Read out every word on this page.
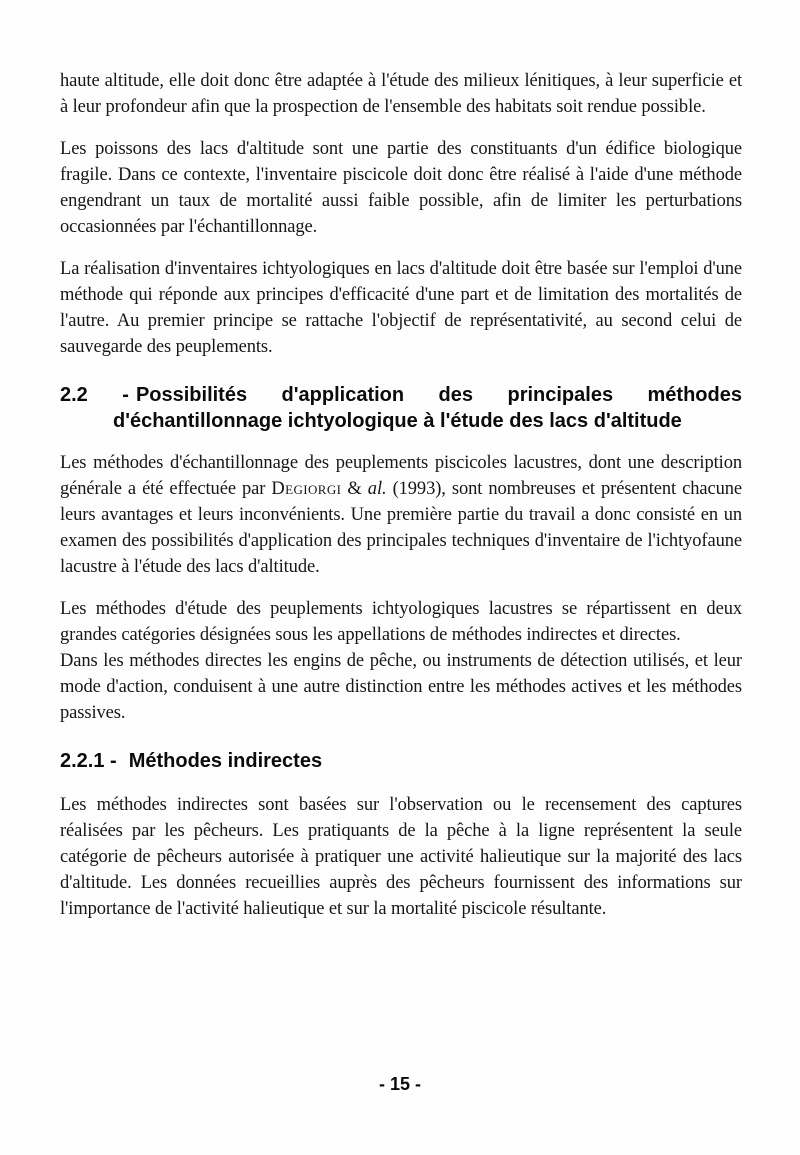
haute altitude, elle doit donc être adaptée à l'étude des milieux lénitiques, à leur superficie et à leur profondeur afin que la prospection de l'ensemble des habitats soit rendue possible.

Les poissons des lacs d'altitude sont une partie des constituants d'un édifice biologique fragile. Dans ce contexte, l'inventaire piscicole doit donc être réalisé à l'aide d'une méthode engendrant un taux de mortalité aussi faible possible, afin de limiter les perturbations occasionnées par l'échantillonnage.

La réalisation d'inventaires ichtyologiques en lacs d'altitude doit être basée sur l'emploi d'une méthode qui réponde aux principes d'efficacité d'une part et de limitation des mortalités de l'autre. Au premier principe se rattache l'objectif de représentativité, au second celui de sauvegarde des peuplements.

2.2 - Possibilités d'application des principales méthodes d'échantillonnage ichtyologique à l'étude des lacs d'altitude

Les méthodes d'échantillonnage des peuplements piscicoles lacustres, dont une description générale a été effectuée par Degiorgi & al. (1993), sont nombreuses et présentent chacune leurs avantages et leurs inconvénients. Une première partie du travail a donc consisté en un examen des possibilités d'application des principales techniques d'inventaire de l'ichtyofaune lacustre à l'étude des lacs d'altitude.

Les méthodes d'étude des peuplements ichtyologiques lacustres se répartissent en deux grandes catégories désignées sous les appellations de méthodes indirectes et directes.

Dans les méthodes directes les engins de pêche, ou instruments de détection utilisés, et leur mode d'action, conduisent à une autre distinction entre les méthodes actives et les méthodes passives.

2.2.1 - Méthodes indirectes

Les méthodes indirectes sont basées sur l'observation ou le recensement des captures réalisées par les pêcheurs. Les pratiquants de la pêche à la ligne représentent la seule catégorie de pêcheurs autorisée à pratiquer une activité halieutique sur la majorité des lacs d'altitude. Les données recueillies auprès des pêcheurs fournissent des informations sur l'importance de l'activité halieutique et sur la mortalité piscicole résultante.

- 15 -
